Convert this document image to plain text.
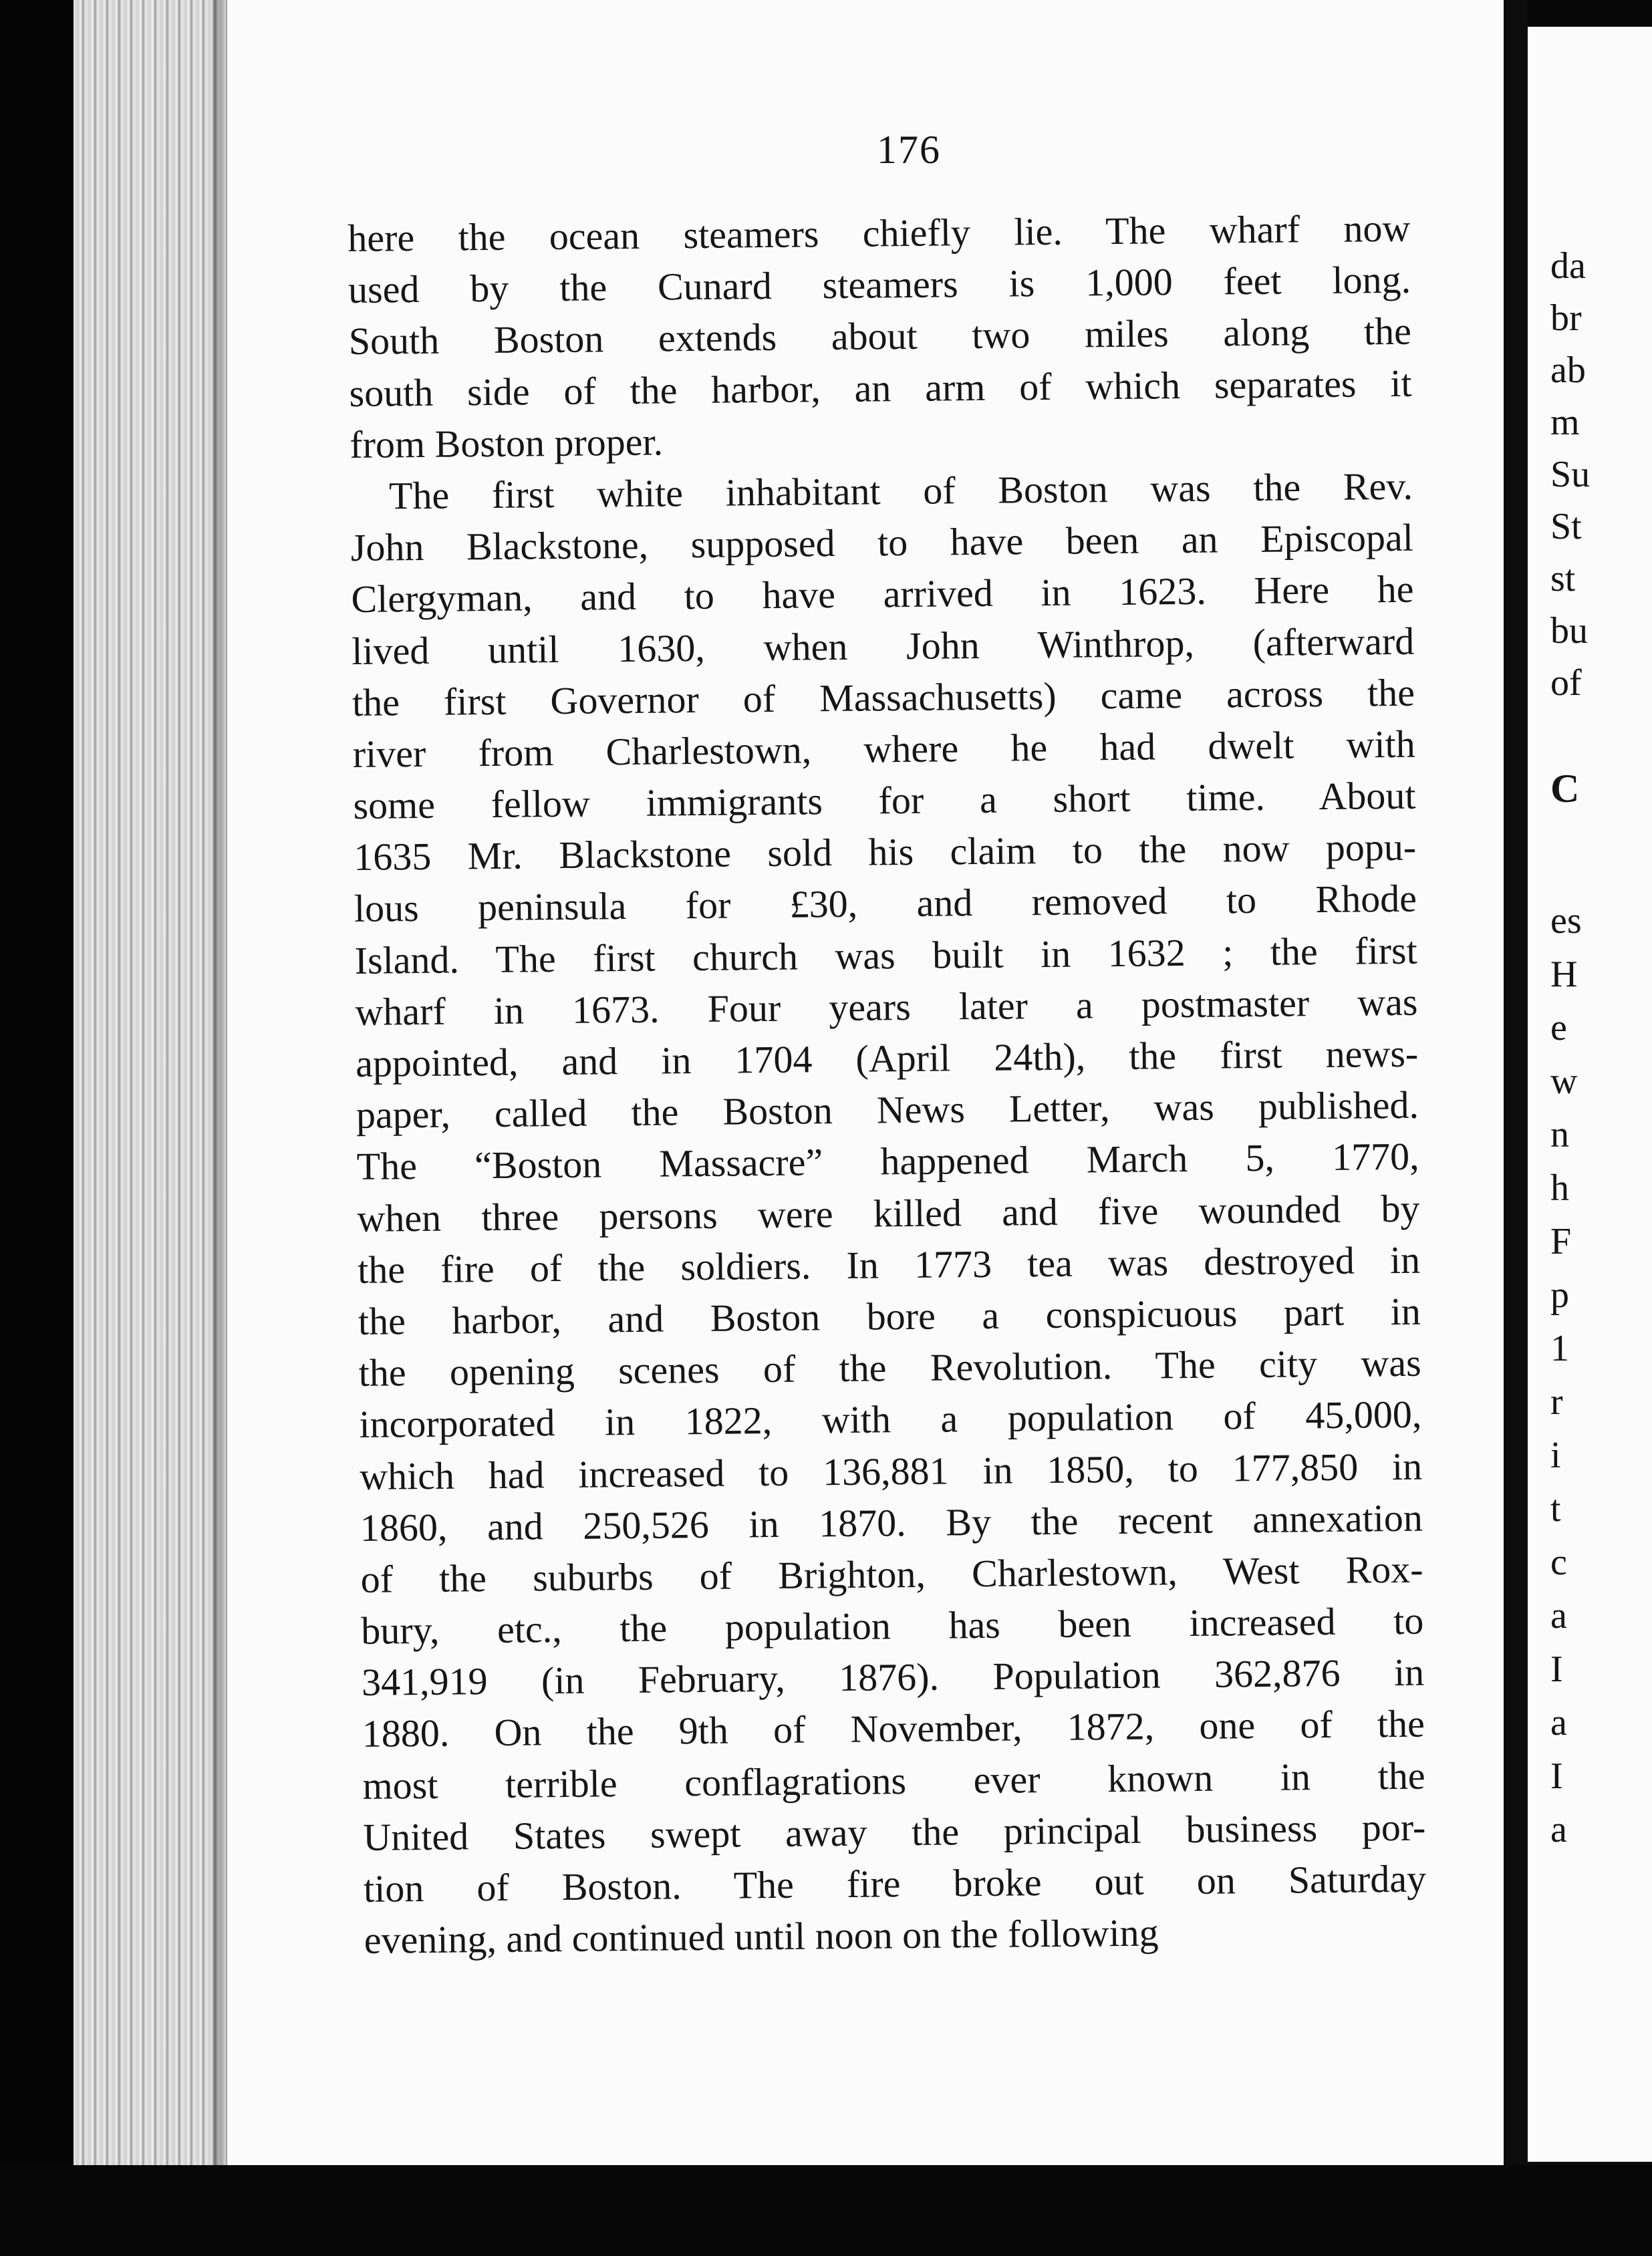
176
here the ocean steamers chiefly lie. The wharf now
used by the Cunard steamers is 1,000 feet long.
South Boston extends about two miles along the
south side of the harbor, an arm of which separates it
from Boston proper.
The first white inhabitant of Boston was the Rev.
John Blackstone, supposed to have been an Episcopal
Clergyman, and to have arrived in 1623. Here he
lived until 1630, when John Winthrop, (afterward
the first Governor of Massachusetts) came across the
river from Charlestown, where he had dwelt with
some fellow immigrants for a short time. About
1635 Mr. Blackstone sold his claim to the now popu-
lous peninsula for £30, and removed to Rhode
Island. The first church was built in 1632 ; the first
wharf in 1673. Four years later a postmaster was
appointed, and in 1704 (April 24th), the first news-
paper, called the Boston News Letter, was published.
The “Boston Massacre” happened March 5, 1770,
when three persons were killed and five wounded by
the fire of the soldiers. In 1773 tea was destroyed in
the harbor, and Boston bore a conspicuous part in
the opening scenes of the Revolution. The city was
incorporated in 1822, with a population of 45,000,
which had increased to 136,881 in 1850, to 177,850 in
1860, and 250,526 in 1870. By the recent annexation
of the suburbs of Brighton, Charlestown, West Rox-
bury, etc., the population has been increased to
341,919 (in February, 1876). Population 362,876 in
1880. On the 9th of November, 1872, one of the
most terrible conflagrations ever known in the
United States swept away the principal business por-
tion of Boston. The fire broke out on Saturday
evening, and continued until noon on the following
da
br
ab
m
Su
St
st
bu
of
C
es
H
e
w
n
h
F
p
1
r
i
t
c
a
I
a
I
a
